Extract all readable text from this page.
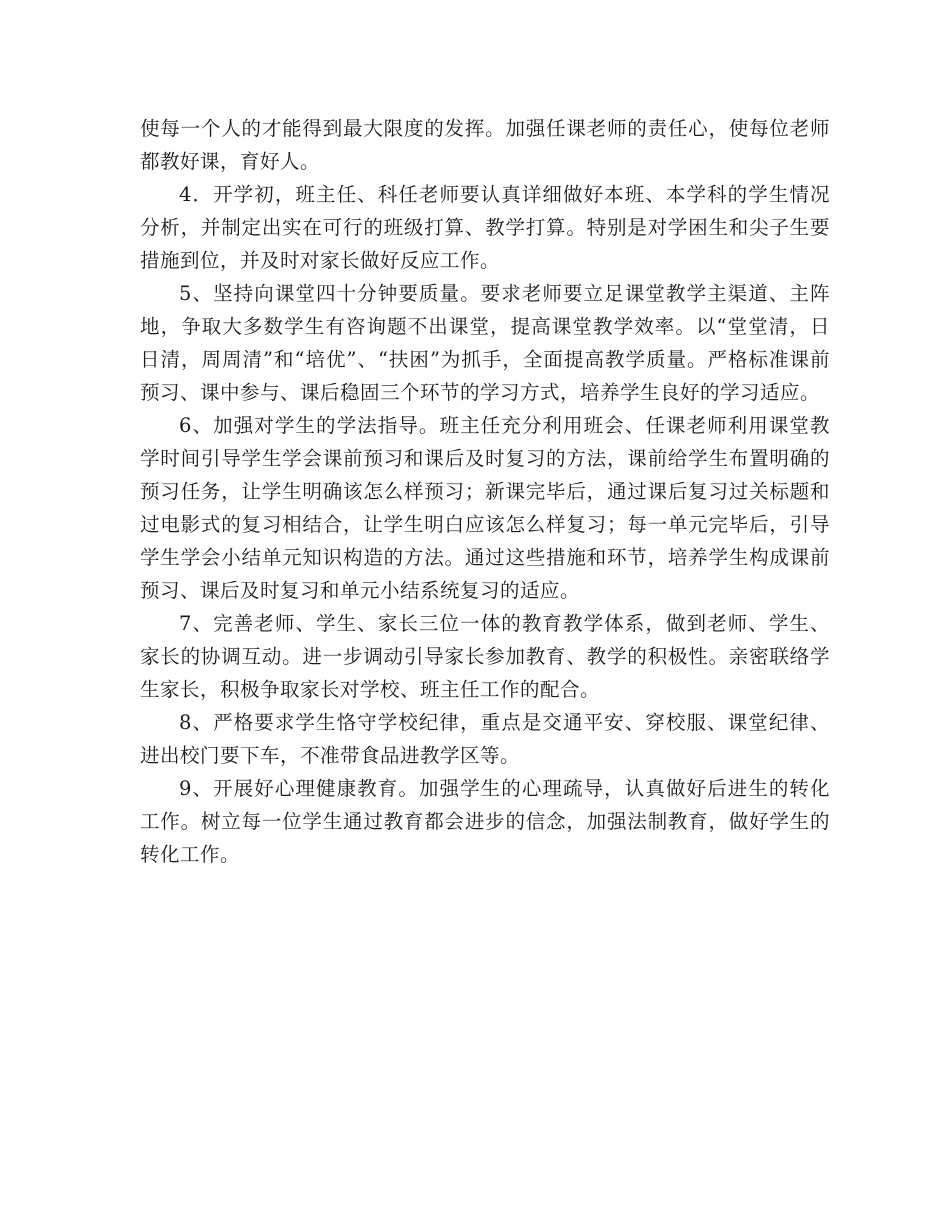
使每一个人的才能得到最大限度的发挥。加强任课老师的责任心，使每位老师都教好课，育好人。

4．开学初，班主任、科任老师要认真详细做好本班、本学科的学生情况分析，并制定出实在可行的班级打算、教学打算。特别是对学困生和尖子生要措施到位，并及时对家长做好反应工作。

5、坚持向课堂四十分钟要质量。要求老师要立足课堂教学主渠道、主阵地，争取大多数学生有咨询题不出课堂，提高课堂教学效率。以“堂堂清，日日清，周周清”和“培优”、“扶困”为抓手，全面提高教学质量。严格标准课前预习、课中参与、课后稳固三个环节的学习方式，培养学生良好的学习适应。

6、加强对学生的学法指导。班主任充分利用班会、任课老师利用课堂教学时间引导学生学会课前预习和课后及时复习的方法，课前给学生布置明确的预习任务，让学生明确该怎么样预习；新课完毕后，通过课后复习过关标题和过电影式的复习相结合，让学生明白应该怎么样复习；每一单元完毕后，引导学生学会小结单元知识构造的方法。通过这些措施和环节，培养学生构成课前预习、课后及时复习和单元小结系统复习的适应。

7、完善老师、学生、家长三位一体的教育教学体系，做到老师、学生、家长的协调互动。进一步调动引导家长参加教育、教学的积极性。亲密联络学生家长，积极争取家长对学校、班主任工作的配合。

8、严格要求学生恪守学校纪律，重点是交通平安、穿校服、课堂纪律、进出校门要下车，不准带食品进教学区等。

9、开展好心理健康教育。加强学生的心理疏导，认真做好后进生的转化工作。树立每一位学生通过教育都会进步的信念，加强法制教育，做好学生的转化工作。
